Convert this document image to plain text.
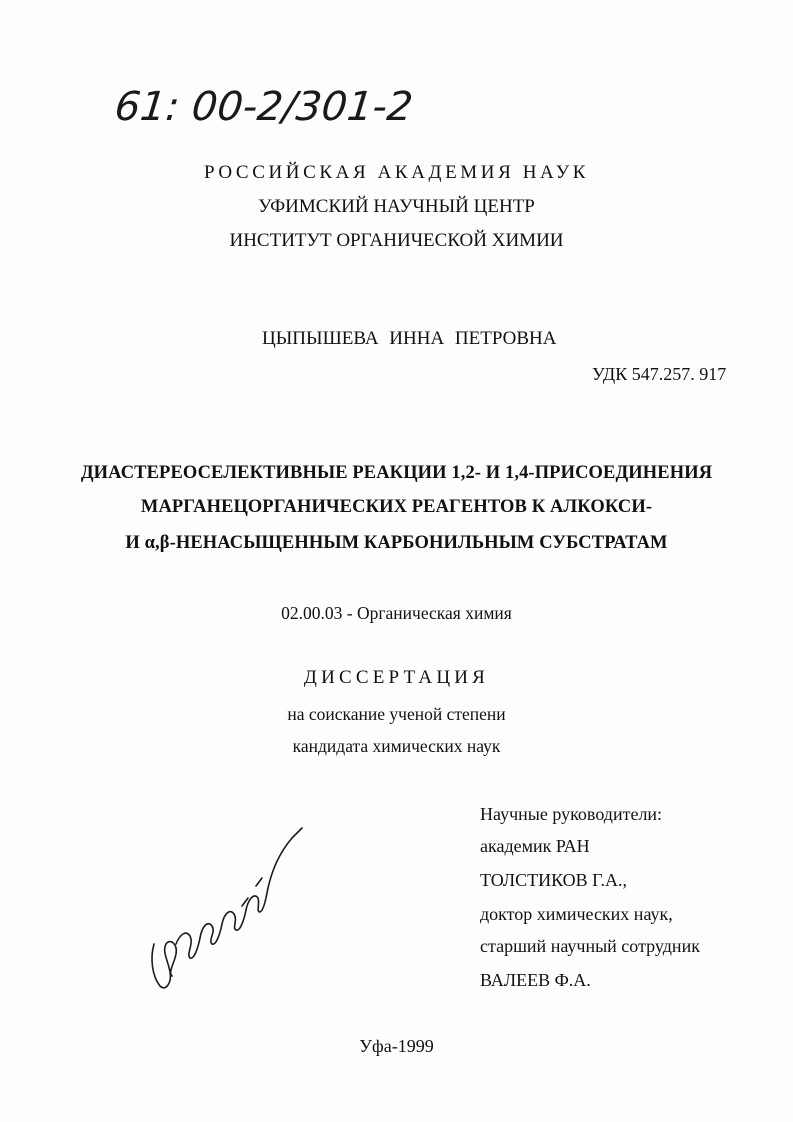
61: 00-2/301-2
РОССИЙСКАЯ АКАДЕМИЯ НАУК
УФИМСКИЙ НАУЧНЫЙ ЦЕНТР
ИНСТИТУТ ОРГАНИЧЕСКОЙ ХИМИИ
ЦЫПЫШЕВА ИННА ПЕТРОВНА
УДК 547.257. 917
ДИАСТЕРЕОСЕЛЕКТИВНЫЕ РЕАКЦИИ 1,2- И 1,4-ПРИСОЕДИНЕНИЯ
МАРГАНЕЦОРГАНИЧЕСКИХ РЕАГЕНТОВ К АЛКОКСИ-
И α,β-НЕНАСЫЩЕННЫМ КАРБОНИЛЬНЫМ СУБСТРАТАМ
02.00.03 - Органическая химия
ДИССЕРТАЦИЯ
на соискание ученой степени
кандидата химических наук
Научные руководители:
академик РАН
ТОЛСТИКОВ Г.А.,
доктор химических наук,
старший научный сотрудник
ВАЛЕЕВ Ф.А.
Уфа-1999
